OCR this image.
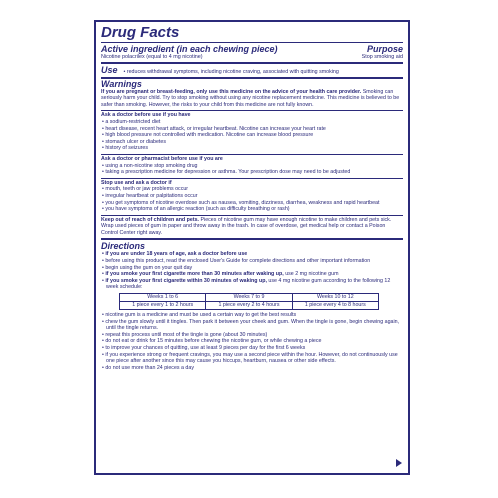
Drug Facts
Active ingredient (in each chewing piece)	Purpose
Nicotine polacrilex (equal to 4 mg nicotine)	Stop smoking aid
Use • reduces withdrawal symptoms, including nicotine craving, associated with quitting smoking
Warnings
If you are pregnant or breast-feeding, only use this medicine on the advice of your health care provider. Smoking can seriously harm your child. Try to stop smoking without using any nicotine replacement medicine. This medicine is believed to be safer than smoking. However, the risks to your child from this medicine are not fully known.
Ask a doctor before use if you have
• a sodium-restricted diet
• heart disease, recent heart attack, or irregular heartbeat. Nicotine can increase your heart rate
• high blood pressure not controlled with medication. Nicotine can increase blood pressure
• stomach ulcer or diabetes
• history of seizures
Ask a doctor or pharmacist before use if you are
• using a non-nicotine stop smoking drug
• taking a prescription medicine for depression or asthma. Your prescription dose may need to be adjusted
Stop use and ask a doctor if
• mouth, teeth or jaw problems occur
• irregular heartbeat or palpitations occur
• you get symptoms of nicotine overdose such as nausea, vomiting, dizziness, diarrhea, weakness and rapid heartbeat
• you have symptoms of an allergic reaction (such as difficulty breathing or rash)
Keep out of reach of children and pets. Pieces of nicotine gum may have enough nicotine to make children and pets sick. Wrap used pieces of gum in paper and throw away in the trash. In case of overdose, get medical help or contact a Poison Control Center right away.
Directions
• if you are under 18 years of age, ask a doctor before use
• before using this product, read the enclosed User's Guide for complete directions and other important information
• begin using the gum on your quit day
• if you smoke your first cigarette more than 30 minutes after waking up, use 2 mg nicotine gum
• if you smoke your first cigarette within 30 minutes of waking up, use 4 mg nicotine gum according to the following 12 week schedule:
Weeks 1 to 6	Weeks 7 to 9	Weeks 10 to 12
1 piece every 1 to 2 hours	1 piece every 2 to 4 hours	1 piece every 4 to 8 hours
• nicotine gum is a medicine and must be used a certain way to get the best results
• chew the gum slowly until it tingles. Then park it between your cheek and gum. When the tingle is gone, begin chewing again, until the tingle returns.
• repeat this process until most of the tingle is gone (about 30 minutes)
• do not eat or drink for 15 minutes before chewing the nicotine gum, or while chewing a piece
• to improve your chances of quitting, use at least 9 pieces per day for the first 6 weeks
• if you experience strong or frequent cravings, you may use a second piece within the hour. However, do not continuously use one piece after another since this may cause you hiccups, heartburn, nausea or other side effects.
• do not use more than 24 pieces a day
